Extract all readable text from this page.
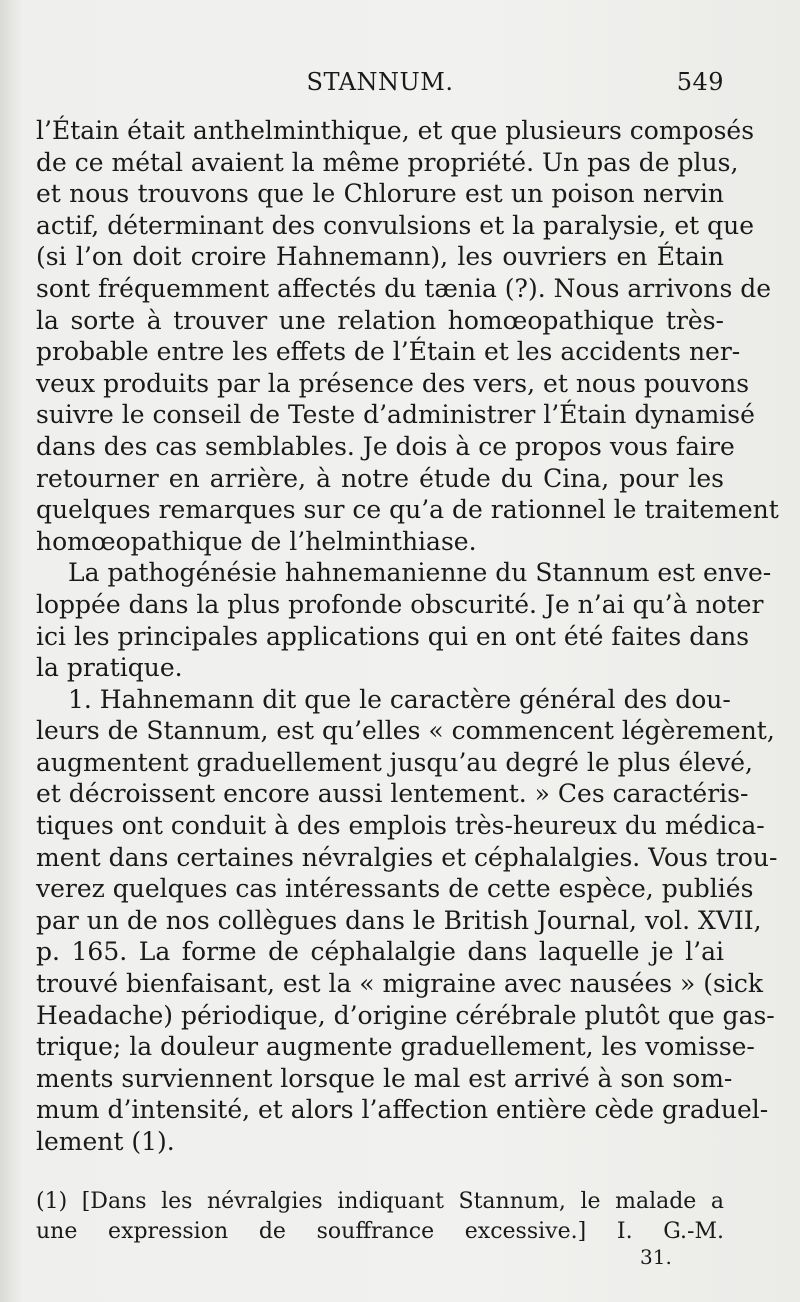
STANNUM.	549
l’Étain était anthelminthique, et que plusieurs composés
de ce métal avaient la même propriété. Un pas de plus,
et nous trouvons que le Chlorure est un poison nervin
actif, déterminant des convulsions et la paralysie, et que
(si l’on doit croire Hahnemann), les ouvriers en Étain
sont fréquemment affectés du tænia (?). Nous arrivons de
la sorte à trouver une relation homœopathique très-
probable entre les effets de l’Étain et les accidents ner-
veux produits par la présence des vers, et nous pouvons
suivre le conseil de Teste d’administrer l’Étain dynamisé
dans des cas semblables. Je dois à ce propos vous faire
retourner en arrière, à notre étude du Cina, pour les
quelques remarques sur ce qu’a de rationnel le traitement
homœopathique de l’helminthiase.
La pathogénésie hahnemanienne du Stannum est enve-
loppée dans la plus profonde obscurité. Je n’ai qu’à noter
ici les principales applications qui en ont été faites dans
la pratique.
1. Hahnemann dit que le caractère général des dou-
leurs de Stannum, est qu’elles « commencent légèrement,
augmentent graduellement jusqu’au degré le plus élevé,
et décroissent encore aussi lentement. » Ces caractéris-
tiques ont conduit à des emplois très-heureux du médica-
ment dans certaines névralgies et céphalalgies. Vous trou-
verez quelques cas intéressants de cette espèce, publiés
par un de nos collègues dans le British Journal, vol. XVII,
p. 165. La forme de céphalalgie dans laquelle je l’ai
trouvé bienfaisant, est la « migraine avec nausées » (sick
Headache) périodique, d’origine cérébrale plutôt que gas-
trique; la douleur augmente graduellement, les vomisse-
ments surviennent lorsque le mal est arrivé à son som-
mum d’intensité, et alors l’affection entière cède graduel-
lement (1).
(1) [Dans les névralgies indiquant Stannum, le malade a
une expression de souffrance excessive.] I. G.-M.
31.
